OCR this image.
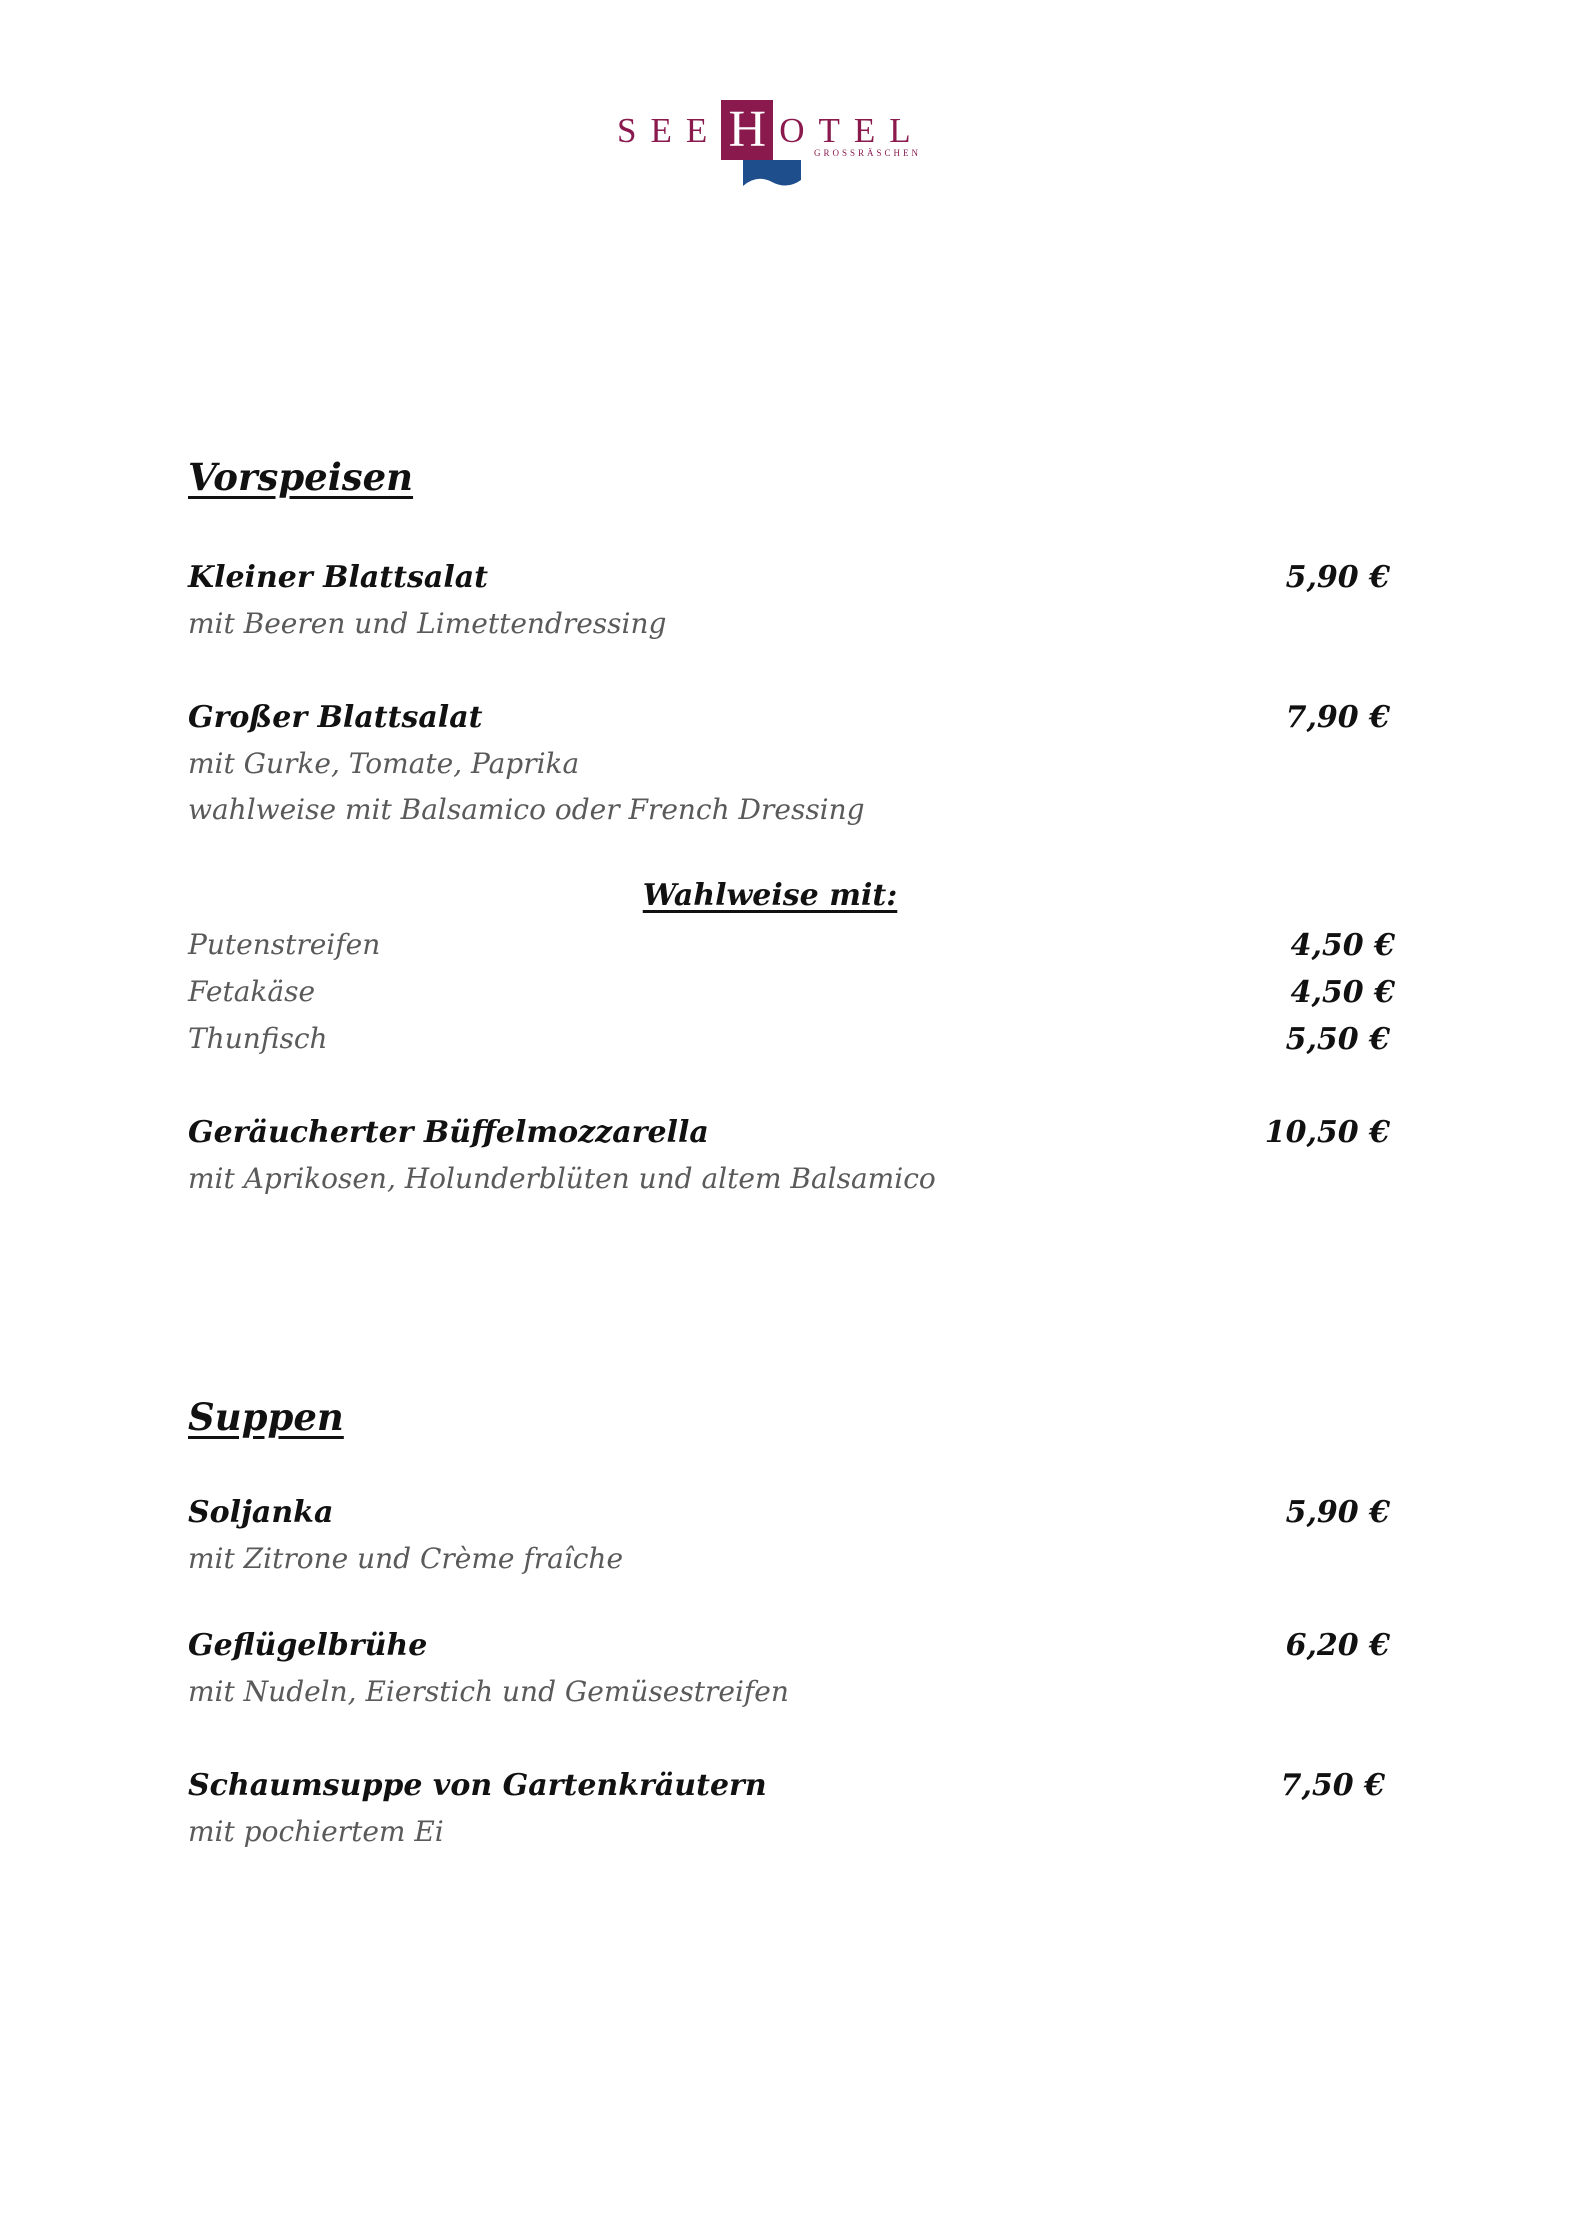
SEE H OTEL
GROSSRÄSCHEN
Vorspeisen
Kleiner Blattsalat	5,90 €
mit Beeren und Limettendressing
Großer Blattsalat	7,90 €
mit Gurke, Tomate, Paprika
wahlweise mit Balsamico oder French Dressing
Wahlweise mit:
Putenstreifen	4,50 €
Fetakäse	4,50 €
Thunfisch	5,50 €
Geräucherter Büffelmozzarella	10,50 €
mit Aprikosen, Holunderblüten und altem Balsamico
Suppen
Soljanka	5,90 €
mit Zitrone und Crème fraîche
Geflügelbrühe	6,20 €
mit Nudeln, Eierstich und Gemüsestreifen
Schaumsuppe von Gartenkräutern	7,50 €
mit pochiertem Ei
